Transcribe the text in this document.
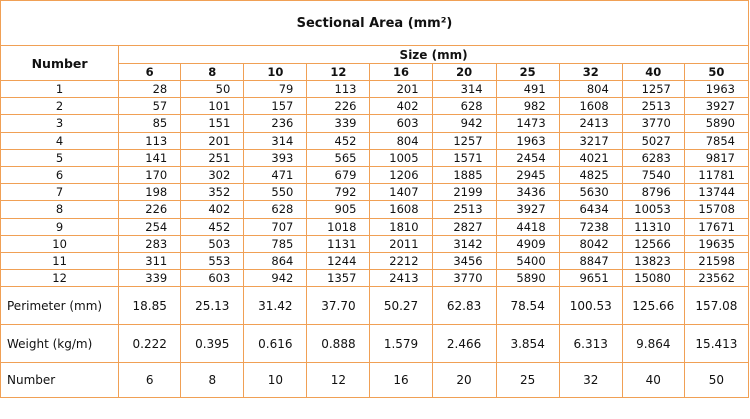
Sectional Area (mm²)										
Number	Size (mm)									
	6	8	10	12	16	20	25	32	40	50
1	28	50	79	113	201	314	491	804	1257	1963
2	57	101	157	226	402	628	982	1608	2513	3927
3	85	151	236	339	603	942	1473	2413	3770	5890
4	113	201	314	452	804	1257	1963	3217	5027	7854
5	141	251	393	565	1005	1571	2454	4021	6283	9817
6	170	302	471	679	1206	1885	2945	4825	7540	11781
7	198	352	550	792	1407	2199	3436	5630	8796	13744
8	226	402	628	905	1608	2513	3927	6434	10053	15708
9	254	452	707	1018	1810	2827	4418	7238	11310	17671
10	283	503	785	1131	2011	3142	4909	8042	12566	19635
11	311	553	864	1244	2212	3456	5400	8847	13823	21598
12	339	603	942	1357	2413	3770	5890	9651	15080	23562
Perimeter (mm)	18.85	25.13	31.42	37.70	50.27	62.83	78.54	100.53	125.66	157.08
Weight (kg/m)	0.222	0.395	0.616	0.888	1.579	2.466	3.854	6.313	9.864	15.413
Number	6	8	10	12	16	20	25	32	40	50
